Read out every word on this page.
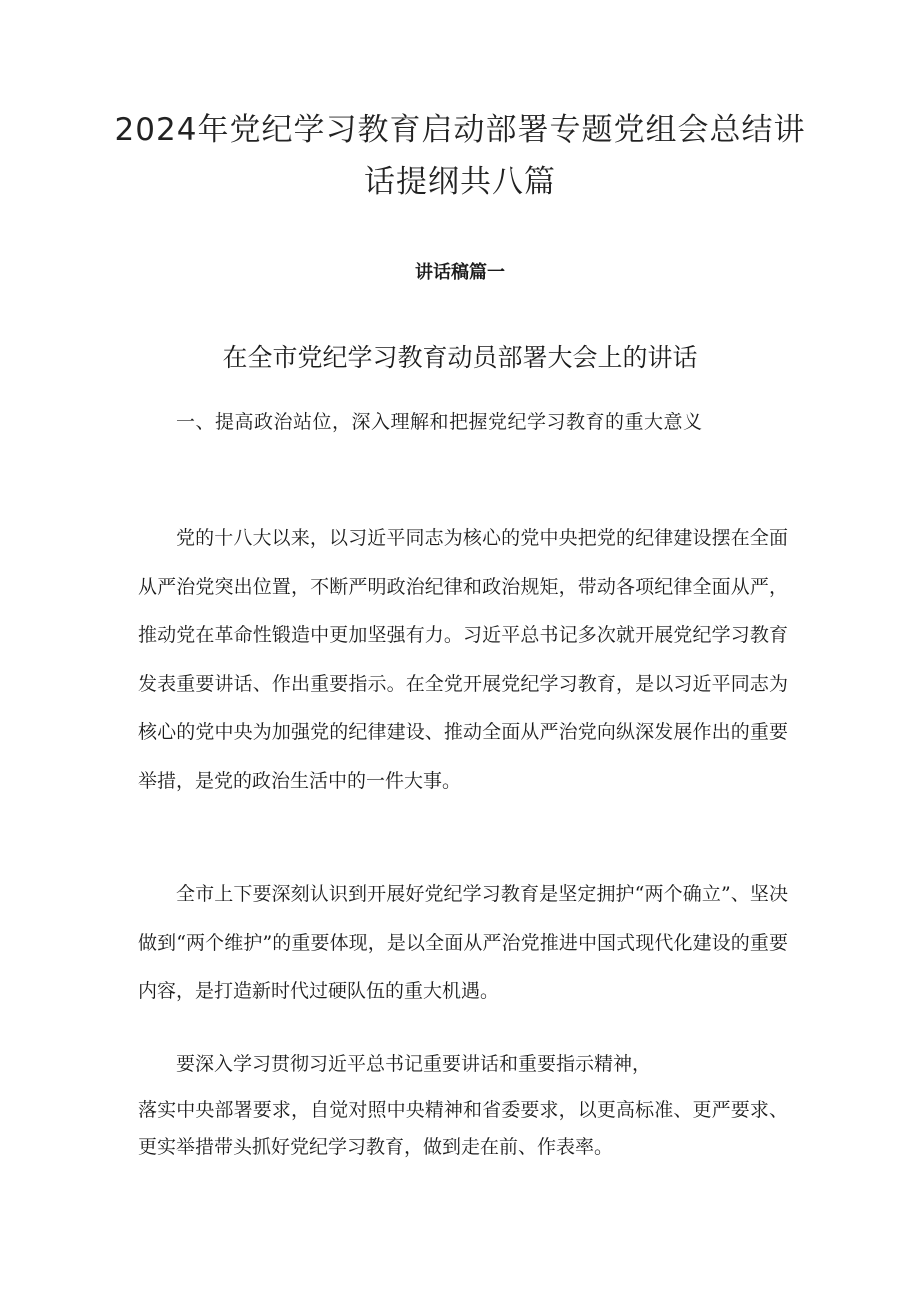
2024年党纪学习教育启动部署专题党组会总结讲话提纲共八篇
讲话稿篇一
在全市党纪学习教育动员部署大会上的讲话

一、提高政治站位，深入理解和把握党纪学习教育的重大意义

党的十八大以来，以习近平同志为核心的党中央把党的纪律建设摆在全面从严治党突出位置，不断严明政治纪律和政治规矩，带动各项纪律全面从严，推动党在革命性锻造中更加坚强有力。习近平总书记多次就开展党纪学习教育发表重要讲话、作出重要指示。在全党开展党纪学习教育，是以习近平同志为核心的党中央为加强党的纪律建设、推动全面从严治党向纵深发展作出的重要举措，是党的政治生活中的一件大事。

全市上下要深刻认识到开展好党纪学习教育是坚定拥护“两个确立”、坚决做到“两个维护”的重要体现，是以全面从严治党推进中国式现代化建设的重要内容，是打造新时代过硬队伍的重大机遇。

要深入学习贯彻习近平总书记重要讲话和重要指示精神，

落实中央部署要求，自觉对照中央精神和省委要求，以更高标准、更严要求、更实举措带头抓好党纪学习教育，做到走在前、作表率。
